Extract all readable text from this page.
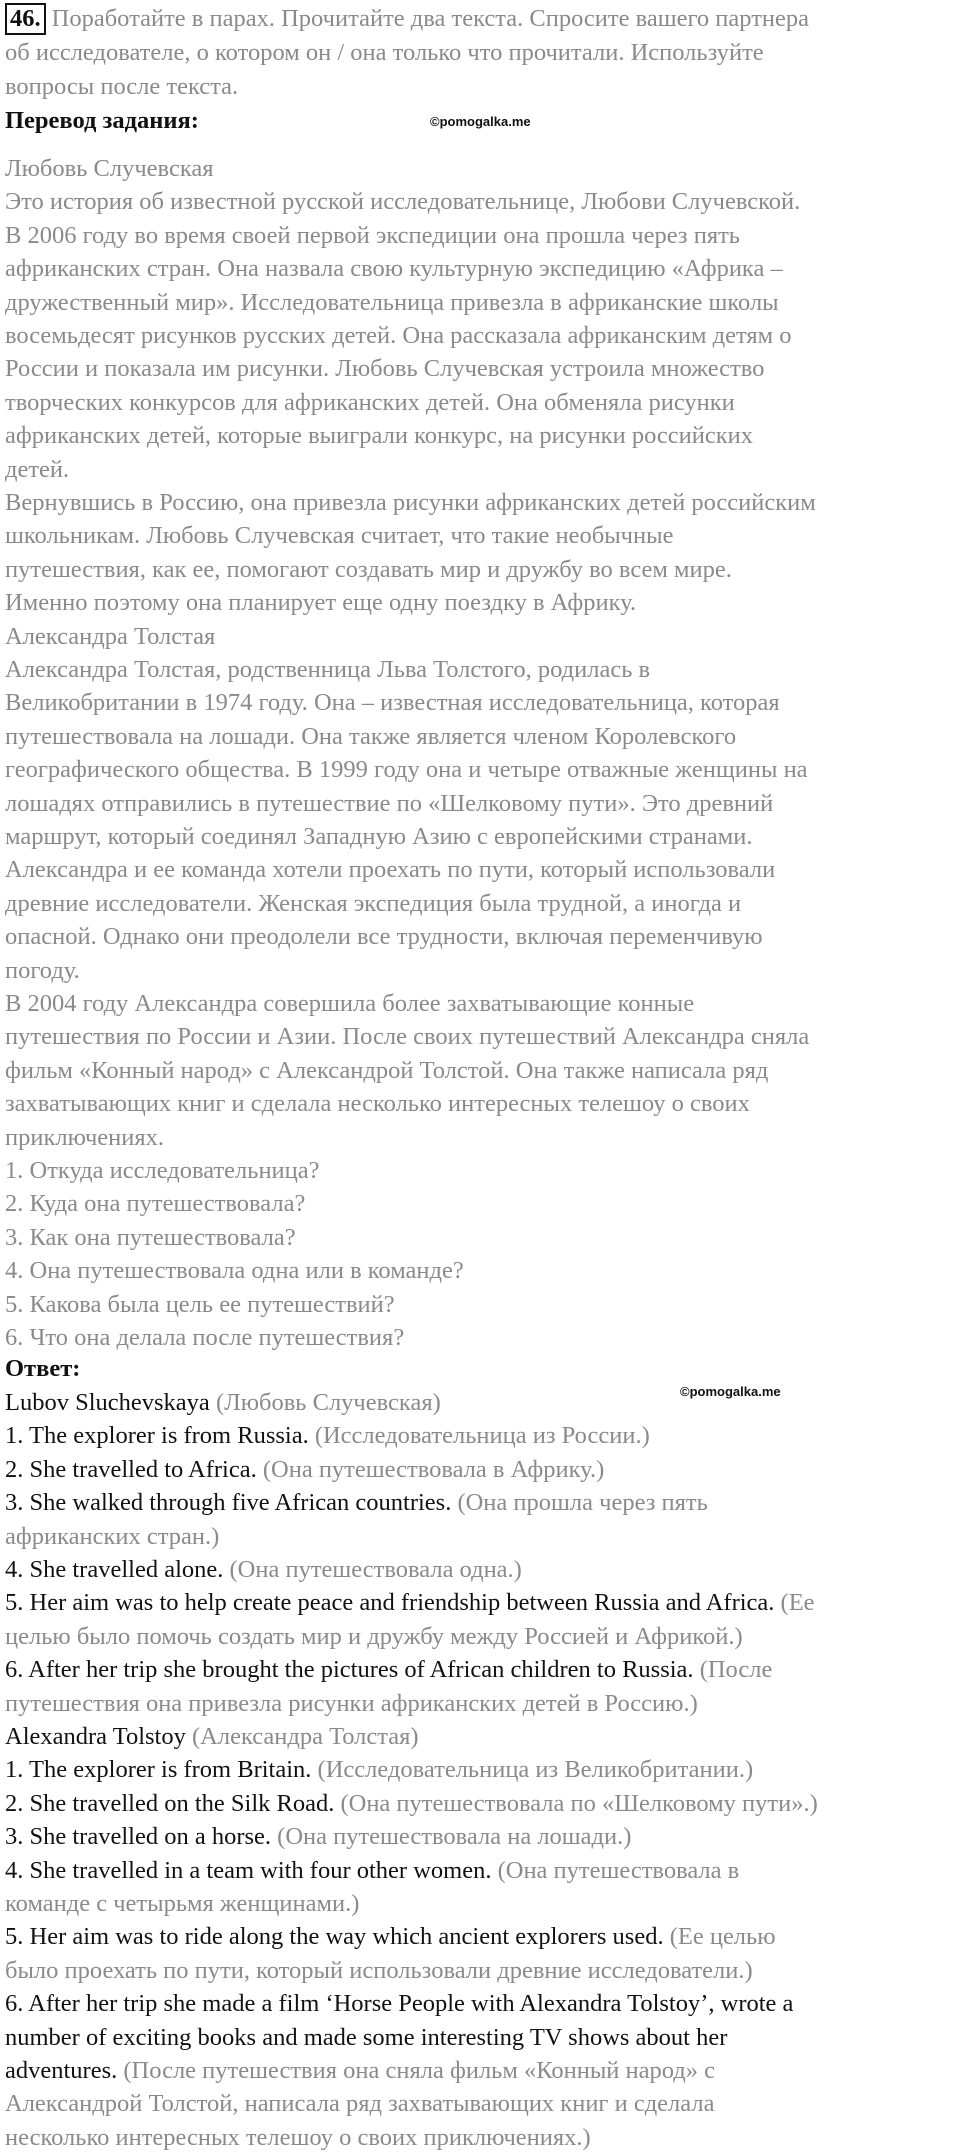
46. Поработайте в парах. Прочитайте два текста. Спросите вашего партнера
об исследователе, о котором он / она только что прочитали. Используйте
вопросы после текста.
Перевод задания:	©pomogalka.me
Любовь Случевская
Это история об известной русской исследовательнице, Любови Случевской.
В 2006 году во время своей первой экспедиции она прошла через пять
африканских стран. Она назвала свою культурную экспедицию «Африка –
дружественный мир». Исследовательница привезла в африканские школы
восемьдесят рисунков русских детей. Она рассказала африканским детям о
России и показала им рисунки. Любовь Случевская устроила множество
творческих конкурсов для африканских детей. Она обменяла рисунки
африканских детей, которые выиграли конкурс, на рисунки российских
детей.
Вернувшись в Россию, она привезла рисунки африканских детей российским
школьникам. Любовь Случевская считает, что такие необычные
путешествия, как ее, помогают создавать мир и дружбу во всем мире.
Именно поэтому она планирует еще одну поездку в Африку.
Александра Толстая
Александра Толстая, родственница Льва Толстого, родилась в
Великобритании в 1974 году. Она – известная исследовательница, которая
путешествовала на лошади. Она также является членом Королевского
географического общества. В 1999 году она и четыре отважные женщины на
лошадях отправились в путешествие по «Шелковому пути». Это древний
маршрут, который соединял Западную Азию с европейскими странами.
Александра и ее команда хотели проехать по пути, который использовали
древние исследователи. Женская экспедиция была трудной, а иногда и
опасной. Однако они преодолели все трудности, включая переменчивую
погоду.
В 2004 году Александра совершила более захватывающие конные
путешествия по России и Азии. После своих путешествий Александра сняла
фильм «Конный народ» с Александрой Толстой. Она также написала ряд
захватывающих книг и сделала несколько интересных телешоу о своих
приключениях.
1. Откуда исследовательница?
2. Куда она путешествовала?
3. Как она путешествовала?
4. Она путешествовала одна или в команде?
5. Какова была цель ее путешествий?
6. Что она делала после путешествия?
Ответ:
©pomogalka.me
Lubov Sluchevskaya (Любовь Случевская)
1. The explorer is from Russia. (Исследовательница из России.)
2. She travelled to Africa. (Она путешествовала в Африку.)
3. She walked through five African countries. (Она прошла через пять
африканских стран.)
4. She travelled alone. (Она путешествовала одна.)
5. Her aim was to help create peace and friendship between Russia and Africa. (Ее
целью было помочь создать мир и дружбу между Россией и Африкой.)
6. After her trip she brought the pictures of African children to Russia. (После
путешествия она привезла рисунки африканских детей в Россию.)
Alexandra Tolstoy (Александра Толстая)
1. The explorer is from Britain. (Исследовательница из Великобритании.)
2. She travelled on the Silk Road. (Она путешествовала по «Шелковому пути».)
3. She travelled on a horse. (Она путешествовала на лошади.)
4. She travelled in a team with four other women. (Она путешествовала в
команде с четырьмя женщинами.)
5. Her aim was to ride along the way which ancient explorers used. (Ее целью
было проехать по пути, который использовали древние исследователи.)
6. After her trip she made a film ‘Horse People with Alexandra Tolstoy’, wrote a
number of exciting books and made some interesting TV shows about her
adventures. (После путешествия она сняла фильм «Конный народ» с
Александрой Толстой, написала ряд захватывающих книг и сделала
несколько интересных телешоу о своих приключениях.)
